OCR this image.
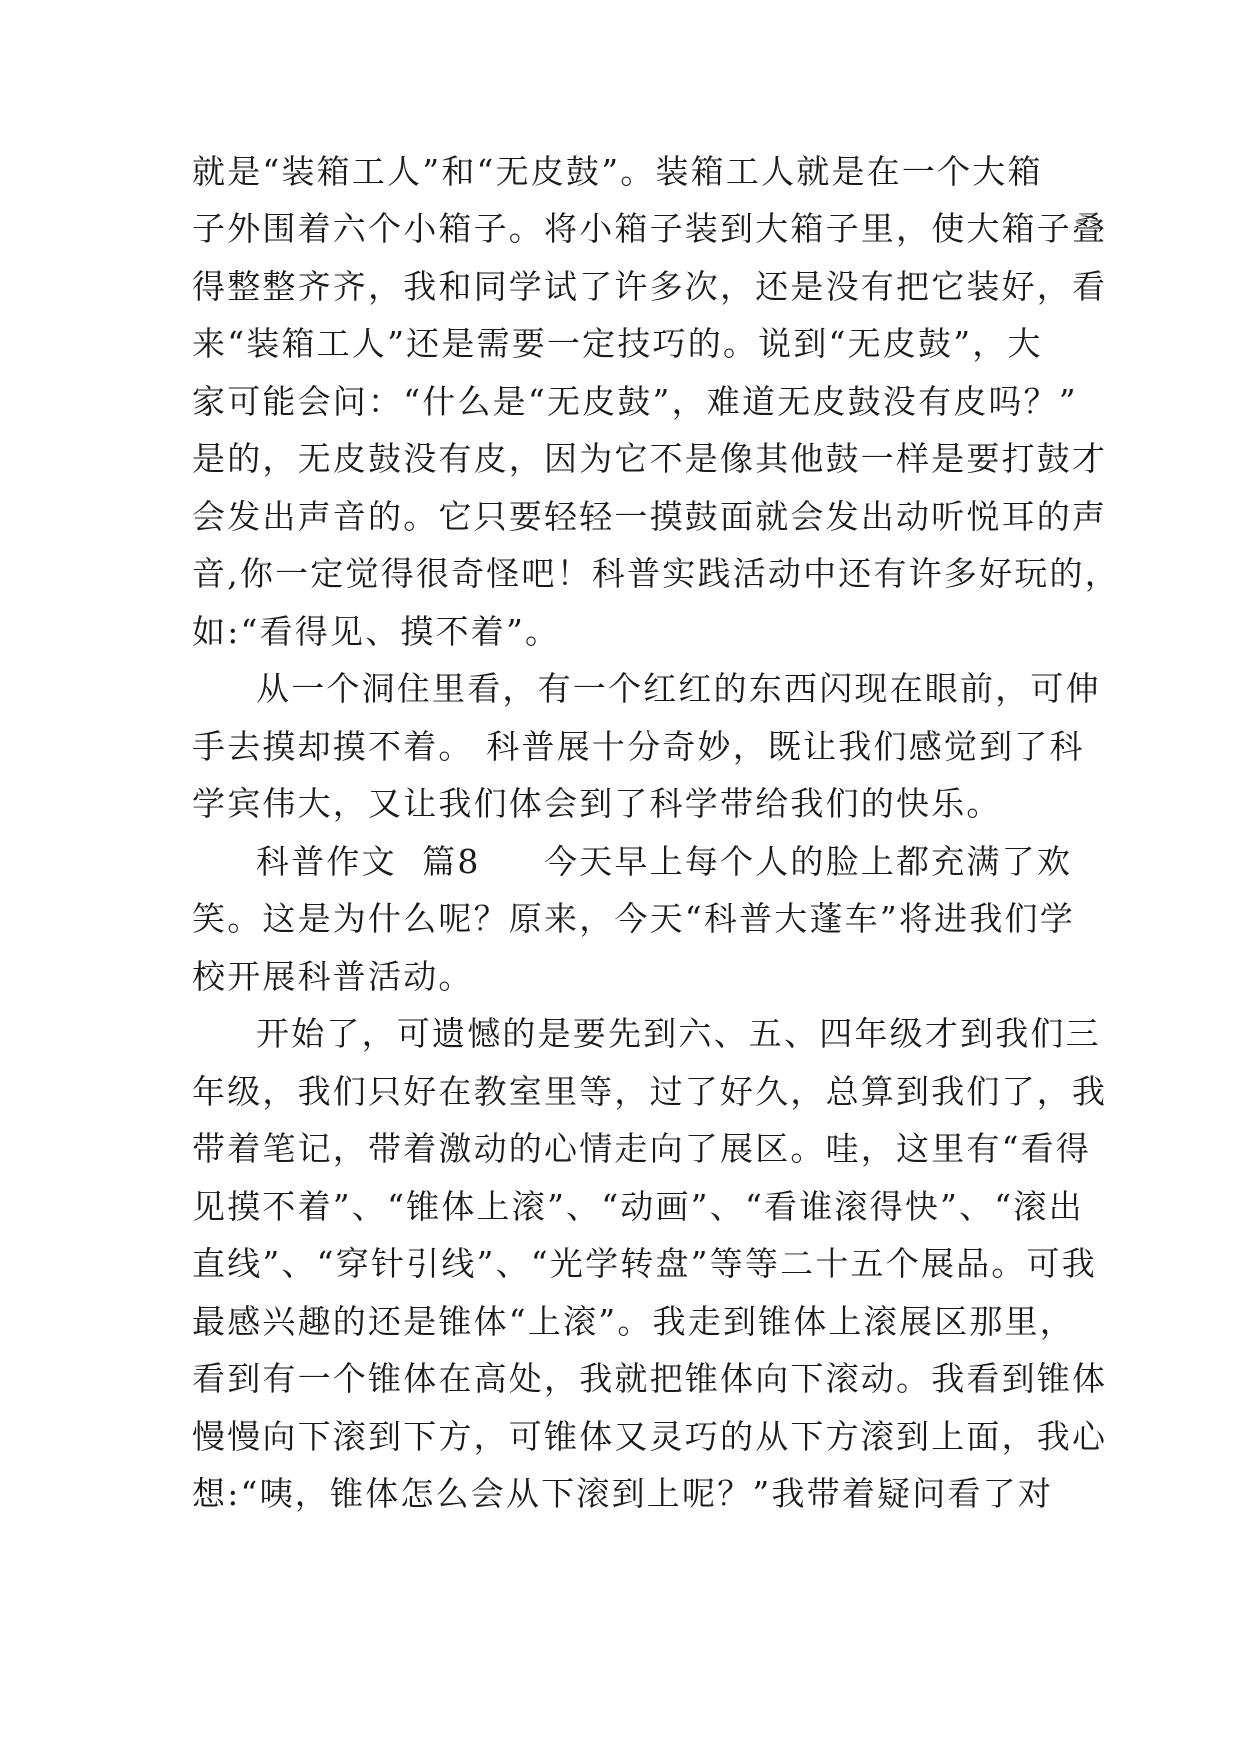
就是“装箱工人”和“无皮鼓”。装箱工人就是在一个大箱
子外围着六个小箱子。将小箱子装到大箱子里，使大箱子叠
得整整齐齐，我和同学试了许多次，还是没有把它装好，看
来“装箱工人”还是需要一定技巧的。说到“无皮鼓”，大
家可能会问：“什么是“无皮鼓”，难道无皮鼓没有皮吗？”
是的，无皮鼓没有皮，因为它不是像其他鼓一样是要打鼓才
会发出声音的。它只要轻轻一摸鼓面就会发出动听悦耳的声
音,你一定觉得很奇怪吧！科普实践活动中还有许多好玩的，
如:“看得见、摸不着”。
从一个洞住里看，有一个红红的东西闪现在眼前，可伸
手去摸却摸不着。 科普展十分奇妙，既让我们感觉到了科
学宾伟大，又让我们体会到了科学带给我们的快乐。
科普作文  篇8     今天早上每个人的脸上都充满了欢
笑。这是为什么呢？原来，今天“科普大蓬车”将进我们学
校开展科普活动。
开始了，可遗憾的是要先到六、五、四年级才到我们三
年级，我们只好在教室里等，过了好久，总算到我们了，我
带着笔记，带着激动的心情走向了展区。哇，这里有“看得
见摸不着”、“锥体上滚”、“动画”、“看谁滚得快”、“滚出
直线”、“穿针引线”、“光学转盘”等等二十五个展品。可我
最感兴趣的还是锥体“上滚”。我走到锥体上滚展区那里，
看到有一个锥体在高处，我就把锥体向下滚动。我看到锥体
慢慢向下滚到下方，可锥体又灵巧的从下方滚到上面，我心
想:“咦，锥体怎么会从下滚到上呢？”我带着疑问看了对
